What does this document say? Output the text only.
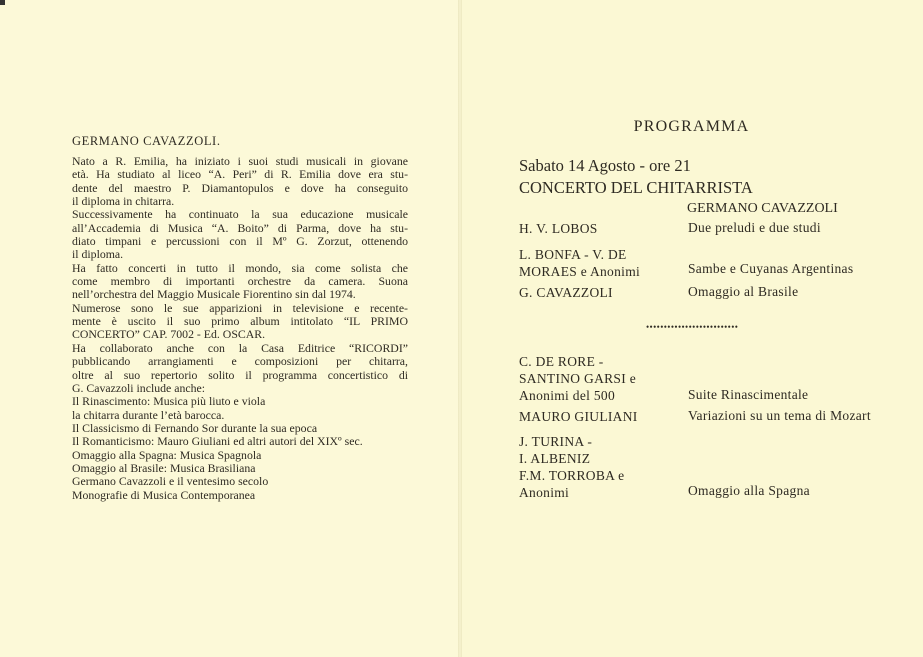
GERMANO CAVAZZOLI.
Nato a R. Emilia, ha iniziato i suoi studi musicali in giovane
età. Ha studiato al liceo “A. Peri” di R. Emilia dove era stu-
dente del maestro P. Diamantopulos e dove ha conseguito
il diploma in chitarra.
Successivamente ha continuato la sua educazione musicale
all’Accademia di Musica “A. Boito” di Parma, dove ha stu-
diato timpani e percussioni con il Mº G. Zorzut, ottenendo
il diploma.
Ha fatto concerti in tutto il mondo, sia come solista che
come membro di importanti orchestre da camera. Suona
nell’orchestra del Maggio Musicale Fiorentino sin dal 1974.
Numerose sono le sue apparizioni in televisione e recente-
mente è uscito il suo primo album intitolato “IL PRIMO
CONCERTO” CAP. 7002 - Ed. OSCAR.
Ha collaborato anche con la Casa Editrice “RICORDI”
pubblicando arrangiamenti e composizioni per chitarra,
oltre al suo repertorio solito il programma concertistico di
G. Cavazzoli include anche:
Il Rinascimento: Musica più liuto e viola
la chitarra durante l’età barocca.
Il Classicismo di Fernando Sor durante la sua epoca
Il Romanticismo: Mauro Giuliani ed altri autori del XIXº sec.
Omaggio alla Spagna: Musica Spagnola
Omaggio al Brasile: Musica Brasiliana
Germano Cavazzoli e il ventesimo secolo
Monografie di Musica Contemporanea
PROGRAMMA
Sabato 14 Agosto - ore 21
CONCERTO DEL CHITARRISTA
GERMANO CAVAZZOLI
H. V. LOBOS	Due preludi e due studi
L. BONFA - V. DE
MORAES e Anonimi	Sambe e Cuyanas Argentinas
G. CAVAZZOLI	Omaggio al Brasile
••••••••••••••••••••••••••
C. DE RORE -
SANTINO GARSI e
Anonimi del 500	Suite Rinascimentale
MAURO GIULIANI	Variazioni su un tema di Mozart
J. TURINA -
I. ALBENIZ
F.M. TORROBA e
Anonimi	Omaggio alla Spagna
